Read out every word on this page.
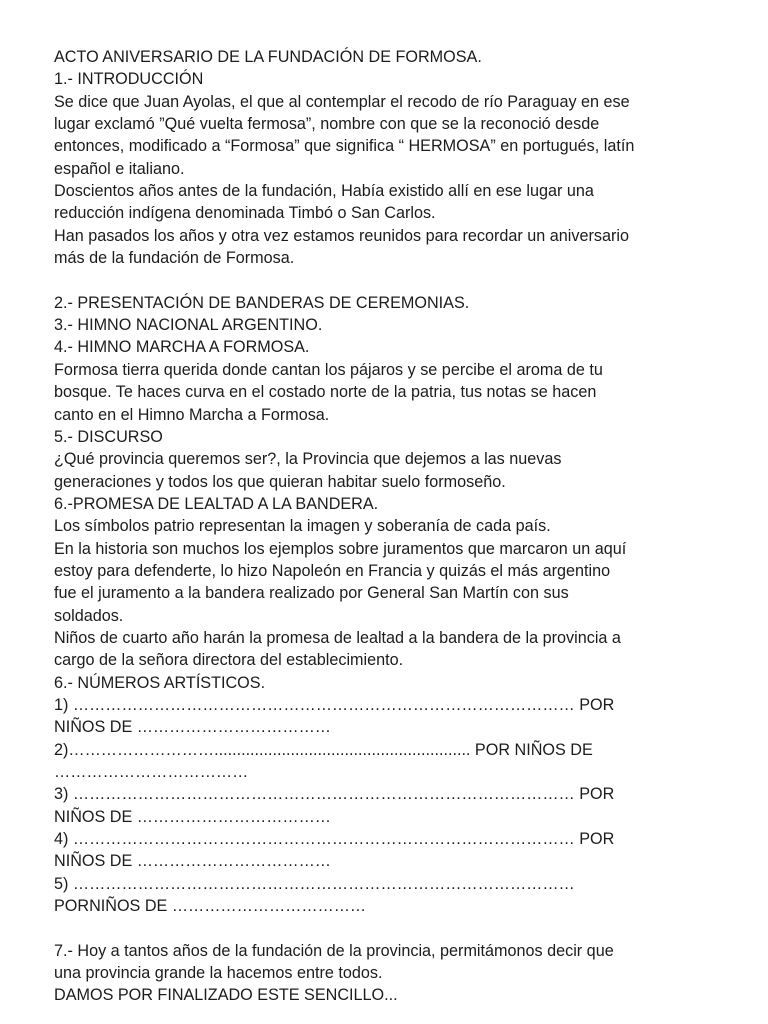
ACTO ANIVERSARIO DE LA FUNDACIÓN DE FORMOSA.
1.- INTRODUCCIÓN
Se dice que Juan Ayolas, el que al contemplar el recodo de río Paraguay en ese
lugar exclamó ”Qué vuelta fermosa”, nombre con que se la reconoció desde
entonces, modificado a “Formosa” que significa “ HERMOSA” en portugués, latín
español e italiano.
Doscientos años antes de la fundación, Había existido allí en ese lugar una
reducción indígena denominada Timbó o San Carlos.
Han pasados los años y otra vez estamos reunidos para recordar un aniversario
más de la fundación de Formosa.
2.- PRESENTACIÓN DE BANDERAS DE CEREMONIAS.
3.- HIMNO NACIONAL ARGENTINO.
4.- HIMNO MARCHA A FORMOSA.
Formosa tierra querida donde cantan los pájaros y se percibe el aroma de tu
bosque. Te haces curva en el costado norte de la patria, tus notas se hacen
canto en el Himno Marcha a Formosa.
5.- DISCURSO
¿Qué provincia queremos ser?, la Provincia que dejemos a las nuevas
generaciones y todos los que quieran habitar suelo formoseño.
6.-PROMESA DE LEALTAD A LA BANDERA.
Los símbolos patrio representan la imagen y soberanía de cada país.
En la historia son muchos los ejemplos sobre juramentos que marcaron un aquí
estoy para defenderte, lo hizo Napoleón en Francia y quizás el más argentino
fue el juramento a la bandera realizado por General San Martín con sus
soldados.
Niños de cuarto año harán la promesa de lealtad a la bandera de la provincia a
cargo de la señora directora del establecimiento.
6.- NÚMEROS ARTÍSTICOS.
1) ………………………………………………………………………………… POR
NIÑOS DE ………………………………
2)………………………......................................................... POR NIÑOS DE
………………………………
3) ………………………………………………………………………………… POR
NIÑOS DE ………………………………
4) ………………………………………………………………………………… POR
NIÑOS DE ………………………………
5) …………………………………………………………………………………
PORNIÑOS DE ………………………………
7.- Hoy a tantos años de la fundación de la provincia, permitámonos decir que
una provincia grande la hacemos entre todos.
DAMOS POR FINALIZADO ESTE SENCILLO...
